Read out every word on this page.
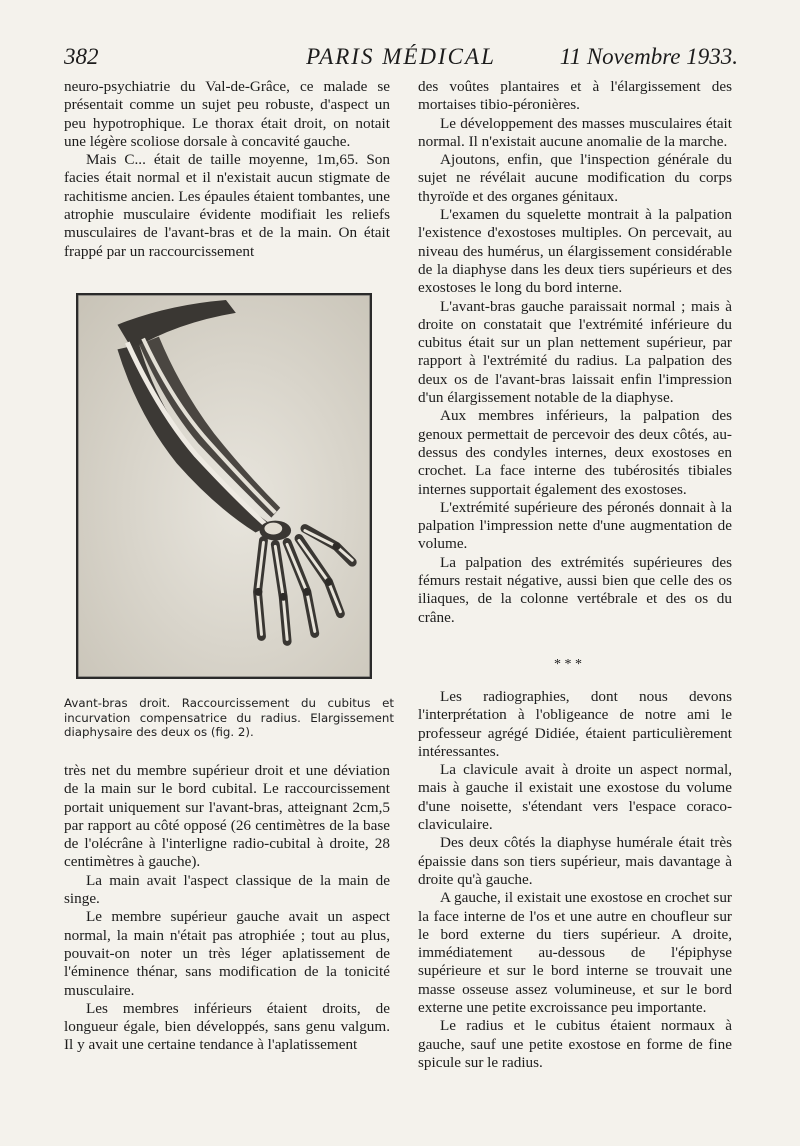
382	PARIS MÉDICAL	11 Novembre 1933.

neuro-psychiatrie du Val-de-Grâce, ce malade se présentait comme un sujet peu robuste, d'aspect un peu hypotrophique. Le thorax était droit, on notait une légère scoliose dorsale à concavité gauche.

Mais C... était de taille moyenne, 1m,65. Son facies était normal et il n'existait aucun stigmate de rachitisme ancien. Les épaules étaient tombantes, une atrophie musculaire évidente modifiait les reliefs musculaires de l'avant-bras et de la main. On était frappé par un raccourcissement

Avant-bras droit. Raccourcissement du cubitus et incurvation compensatrice du radius. Elargissement diaphysaire des deux os (fig. 2).

très net du membre supérieur droit et une déviation de la main sur le bord cubital. Le raccourcissement portait uniquement sur l'avant-bras, atteignant 2cm,5 par rapport au côté opposé (26 centimètres de la base de l'olécrâne à l'interligne radio-cubital à droite, 28 centimètres à gauche).

La main avait l'aspect classique de la main de singe.

Le membre supérieur gauche avait un aspect normal, la main n'était pas atrophiée ; tout au plus, pouvait-on noter un très léger aplatissement de l'éminence thénar, sans modification de la tonicité musculaire.

Les membres inférieurs étaient droits, de longueur égale, bien développés, sans genu valgum. Il y avait une certaine tendance à l'aplatissement

des voûtes plantaires et à l'élargissement des mortaises tibio-péronières.

Le développement des masses musculaires était normal. Il n'existait aucune anomalie de la marche.

Ajoutons, enfin, que l'inspection générale du sujet ne révélait aucune modification du corps thyroïde et des organes génitaux.

L'examen du squelette montrait à la palpation l'existence d'exostoses multiples. On percevait, au niveau des humérus, un élargissement considérable de la diaphyse dans les deux tiers supérieurs et des exostoses le long du bord interne.

L'avant-bras gauche paraissait normal ; mais à droite on constatait que l'extrémité inférieure du cubitus était sur un plan nettement supérieur, par rapport à l'extrémité du radius. La palpation des deux os de l'avant-bras laissait enfin l'impression d'un élargissement notable de la diaphyse.

Aux membres inférieurs, la palpation des genoux permettait de percevoir des deux côtés, au-dessus des condyles internes, deux exostoses en crochet. La face interne des tubérosités tibiales internes supportait également des exostoses.

L'extrémité supérieure des péronés donnait à la palpation l'impression nette d'une augmentation de volume.

La palpation des extrémités supérieures des fémurs restait négative, aussi bien que celle des os iliaques, de la colonne vertébrale et des os du crâne.

* * *

Les radiographies, dont nous devons l'interprétation à l'obligeance de notre ami le professeur agrégé Didiée, étaient particulièrement intéressantes.

La clavicule avait à droite un aspect normal, mais à gauche il existait une exostose du volume d'une noisette, s'étendant vers l'espace coraco-claviculaire.

Des deux côtés la diaphyse humérale était très épaissie dans son tiers supérieur, mais davantage à droite qu'à gauche.

A gauche, il existait une exostose en crochet sur la face interne de l'os et une autre en choufleur sur le bord externe du tiers supérieur. A droite, immédiatement au-dessous de l'épiphyse supérieure et sur le bord interne se trouvait une masse osseuse assez volumineuse, et sur le bord externe une petite excroissance peu importante.

Le radius et le cubitus étaient normaux à gauche, sauf une petite exostose en forme de fine spicule sur le radius.
